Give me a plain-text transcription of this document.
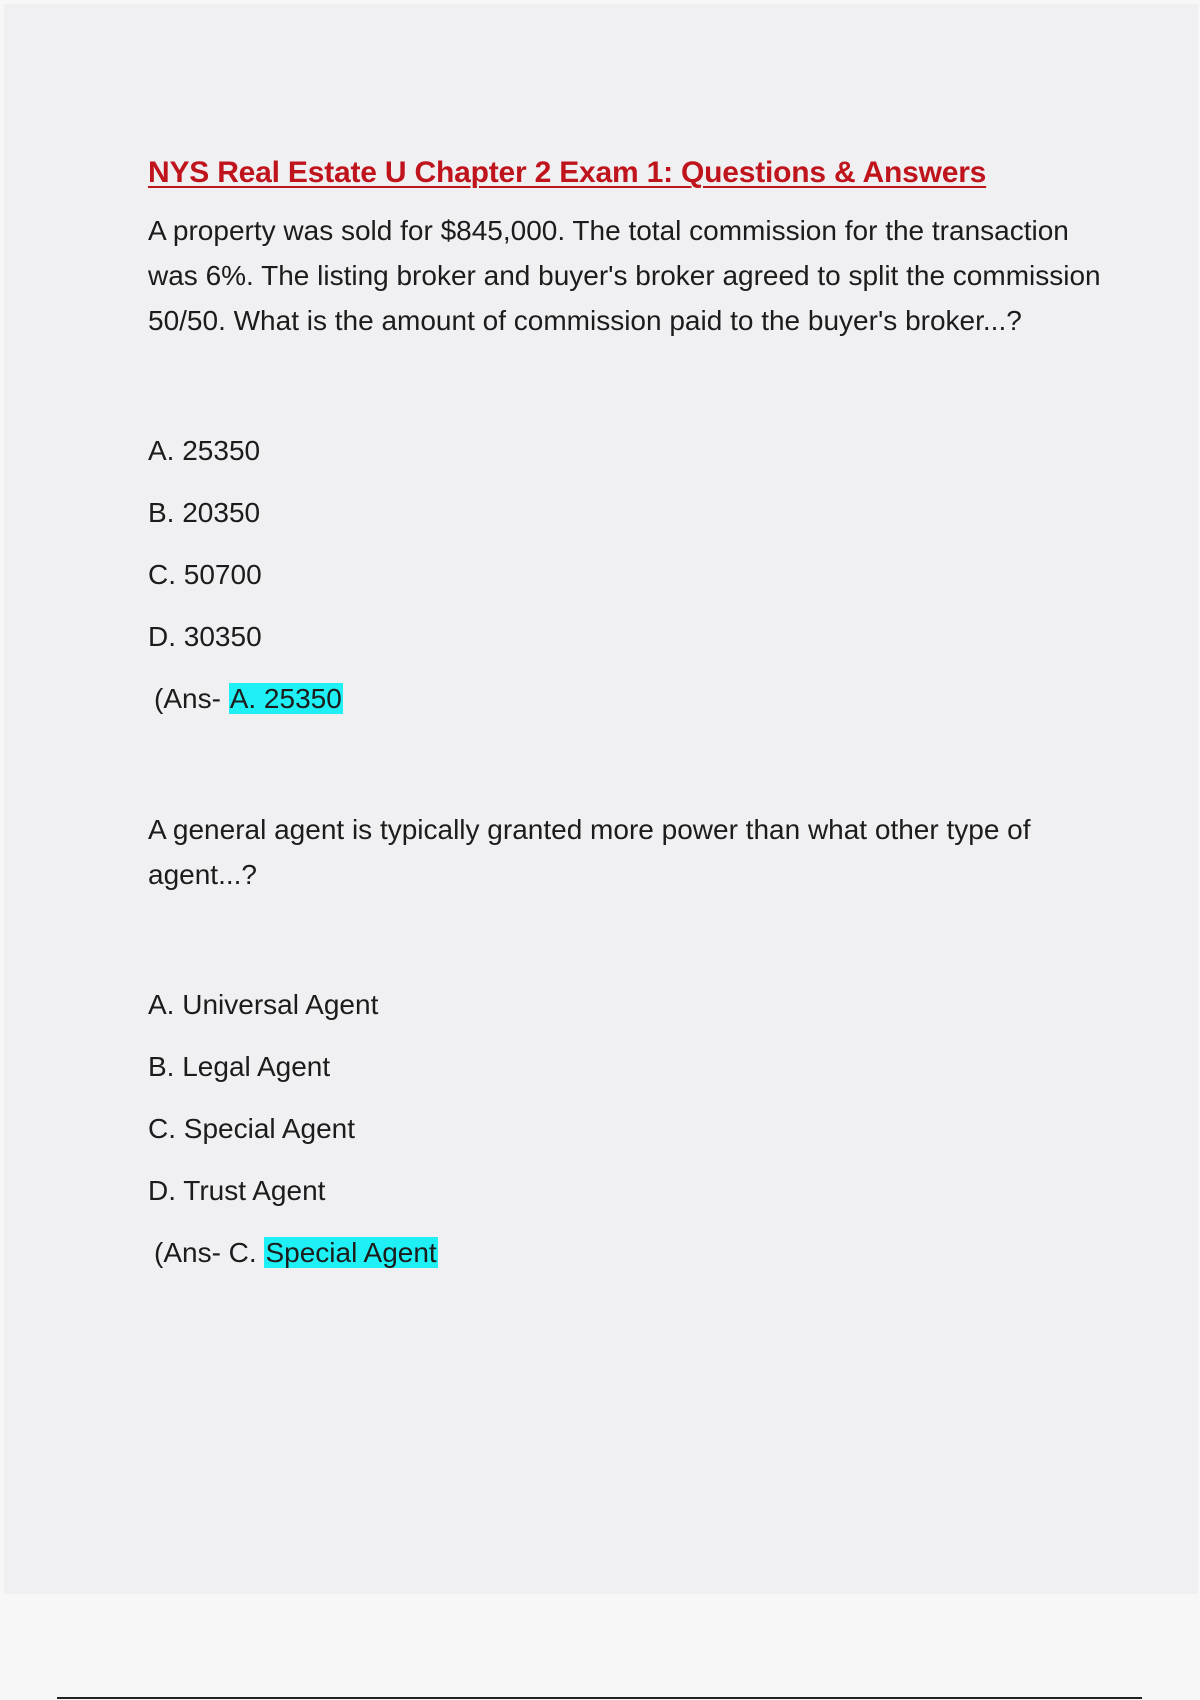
NYS Real Estate U Chapter 2 Exam 1: Questions & Answers

A property was sold for $845,000. The total commission for the transaction was 6%. The listing broker and buyer's broker agreed to split the commission 50/50. What is the amount of commission paid to the buyer's broker...?

A. 25350
B. 20350
C. 50700
D. 30350
(Ans- A. 25350

A general agent is typically granted more power than what other type of agent...?

A. Universal Agent
B. Legal Agent
C. Special Agent
D. Trust Agent
(Ans- C. Special Agent
